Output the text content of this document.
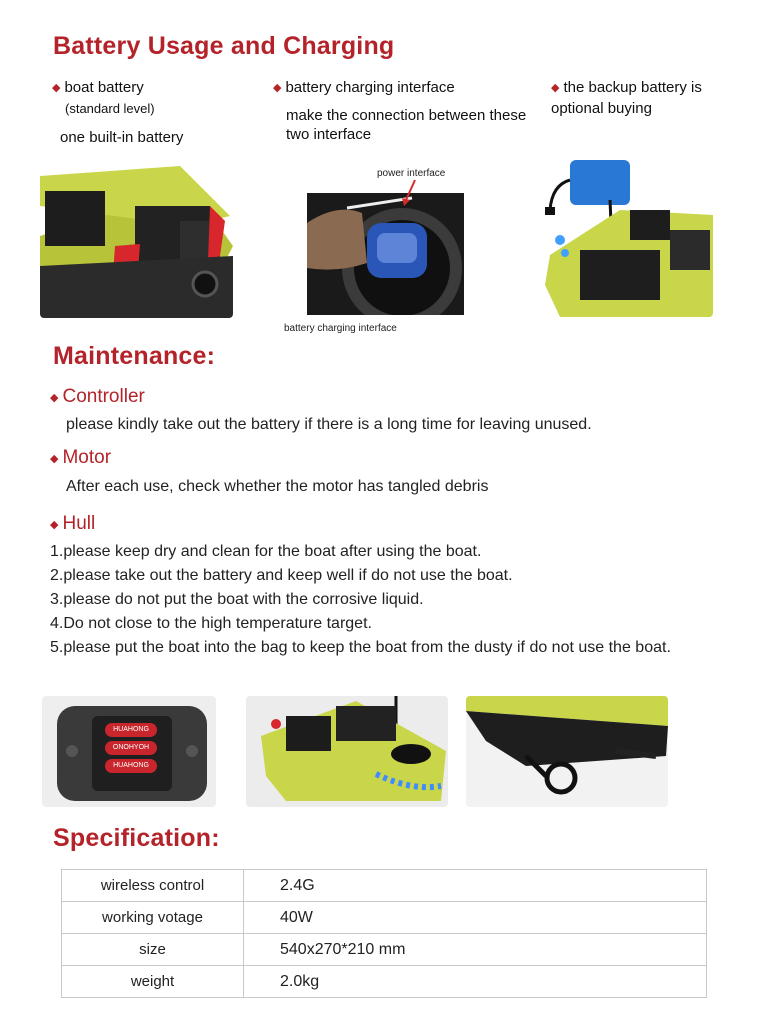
Battery Usage and Charging
◆ boat battery
(standard level)
one built-in battery
◆ battery charging interface
make the connection between these two interface
◆ the backup battery is optional buying
power interface
battery charging interface
Maintenance:
◆ Controller
please kindly take out the battery if there is a long time for leaving unused.
◆ Motor
After each use, check whether the motor has tangled debris
◆ Hull
1.please keep dry and clean for the boat after using the boat.
2.please take out the battery and keep well if do not use the boat.
3.please do not put the boat with the corrosive liquid.
4.Do not close to the high temperature target.
5.please put the boat into the bag to keep the boat from the dusty if do not use the boat.
HUAHONG
ONOHYOH
HUAHONG
Specification:
wireless control	2.4G
working votage	40W
size	540x270*210 mm
weight	2.0kg
